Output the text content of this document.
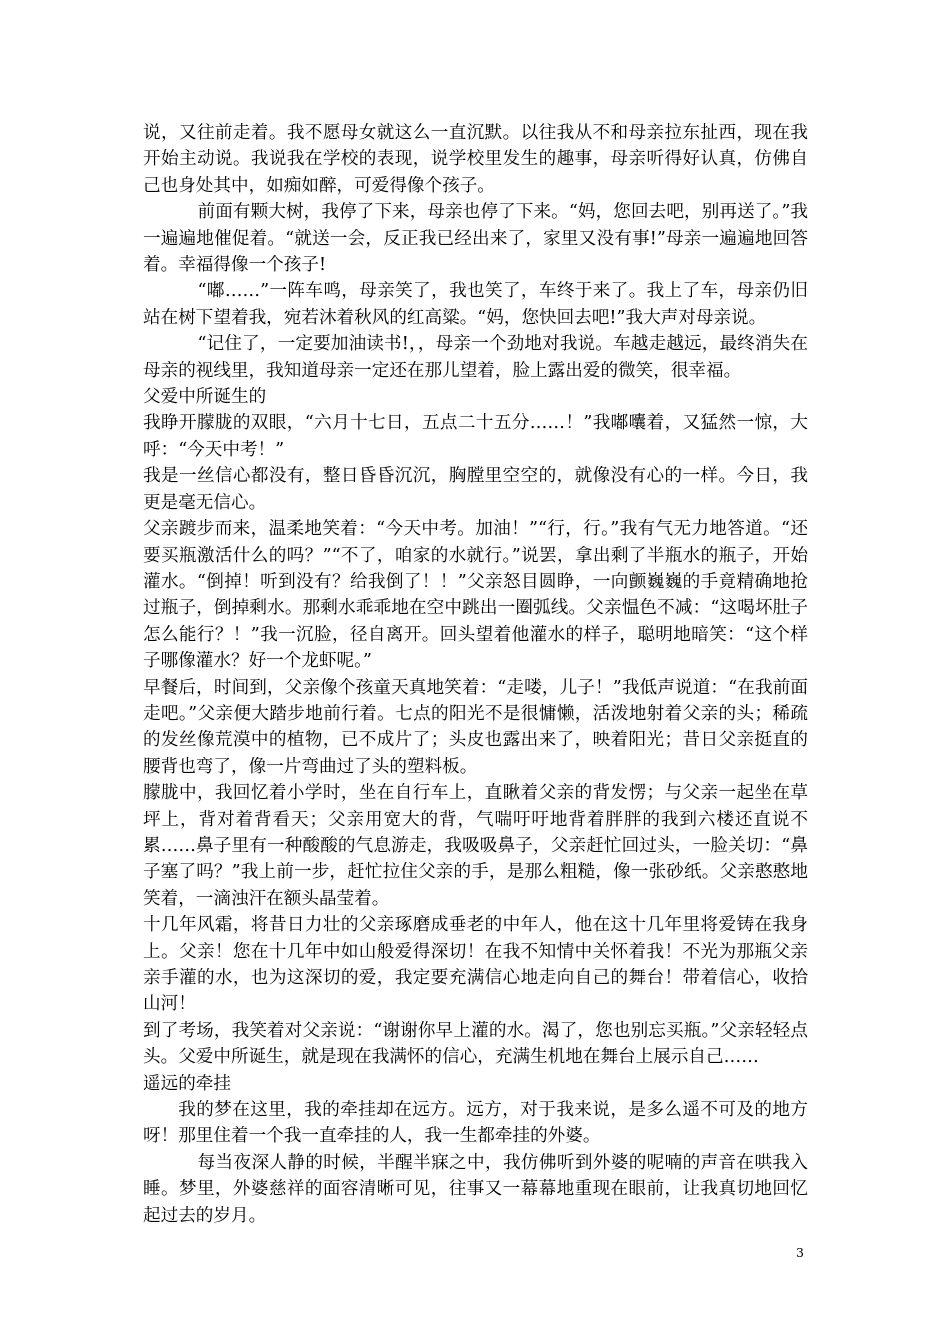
说，又往前走着。我不愿母女就这么一直沉默。以往我从不和母亲拉东扯西，现在我开始主动说。我说我在学校的表现，说学校里发生的趣事，母亲听得好认真，仿佛自己也身处其中，如痴如醉，可爱得像个孩子。

前面有颗大树，我停了下来，母亲也停了下来。“妈，您回去吧，别再送了。”我一遍遍地催促着。“就送一会，反正我已经出来了，家里又没有事!”母亲一遍遍地回答着。幸福得像一个孩子!

“嘟……”一阵车鸣，母亲笑了，我也笑了，车终于来了。我上了车，母亲仍旧站在树下望着我，宛若沐着秋风的红高粱。“妈，您快回去吧!”我大声对母亲说。

“记住了，一定要加油读书!，，母亲一个劲地对我说。车越走越远，最终消失在母亲的视线里，我知道母亲一定还在那儿望着，脸上露出爱的微笑，很幸福。

父爱中所诞生的

我睁开朦胧的双眼，“六月十七日，五点二十五分……！”我嘟囔着，又猛然一惊，大呼：“今天中考！”

我是一丝信心都没有，整日昏昏沉沉，胸膛里空空的，就像没有心的一样。今日，我更是毫无信心。

父亲踱步而来，温柔地笑着：“今天中考。加油！”“行，行。”我有气无力地答道。“还要买瓶激活什么的吗？”“不了，咱家的水就行。”说罢，拿出剩了半瓶水的瓶子，开始灌水。“倒掉！听到没有？给我倒了！！”父亲怒目圆睁，一向颤巍巍的手竟精确地抢过瓶子，倒掉剩水。那剩水乖乖地在空中跳出一圈弧线。父亲愠色不减：“这喝坏肚子怎么能行？！”我一沉脸，径自离开。回头望着他灌水的样子，聪明地暗笑：“这个样子哪像灌水？好一个龙虾呢。”

早餐后，时间到，父亲像个孩童天真地笑着：“走喽，儿子！”我低声说道：“在我前面走吧。”父亲便大踏步地前行着。七点的阳光不是很慵懒，活泼地射着父亲的头；稀疏的发丝像荒漠中的植物，已不成片了；头皮也露出来了，映着阳光；昔日父亲挺直的腰背也弯了，像一片弯曲过了头的塑料板。

朦胧中，我回忆着小学时，坐在自行车上，直瞅着父亲的背发愣；与父亲一起坐在草坪上，背对着背看天；父亲用宽大的背，气喘吁吁地背着胖胖的我到六楼还直说不累……鼻子里有一种酸酸的气息游走，我吸吸鼻子，父亲赶忙回过头，一脸关切：“鼻子塞了吗？”我上前一步，赶忙拉住父亲的手，是那么粗糙，像一张砂纸。父亲憨憨地笑着，一滴浊汗在额头晶莹着。

十几年风霜，将昔日力壮的父亲琢磨成垂老的中年人，他在这十几年里将爱铸在我身上。父亲！您在十几年中如山般爱得深切！在我不知情中关怀着我！不光为那瓶父亲亲手灌的水，也为这深切的爱，我定要充满信心地走向自己的舞台！带着信心，收拾山河！

到了考场，我笑着对父亲说：“谢谢你早上灌的水。渴了，您也别忘买瓶。”父亲轻轻点头。父爱中所诞生，就是现在我满怀的信心，充满生机地在舞台上展示自己……

遥远的牵挂

我的梦在这里，我的牵挂却在远方。远方，对于我来说，是多么遥不可及的地方呀！那里住着一个我一直牵挂的人，我一生都牵挂的外婆。

每当夜深人静的时候，半醒半寐之中，我仿佛听到外婆的呢喃的声音在哄我入睡。梦里，外婆慈祥的面容清晰可见，往事又一幕幕地重现在眼前，让我真切地回忆起过去的岁月。

3
